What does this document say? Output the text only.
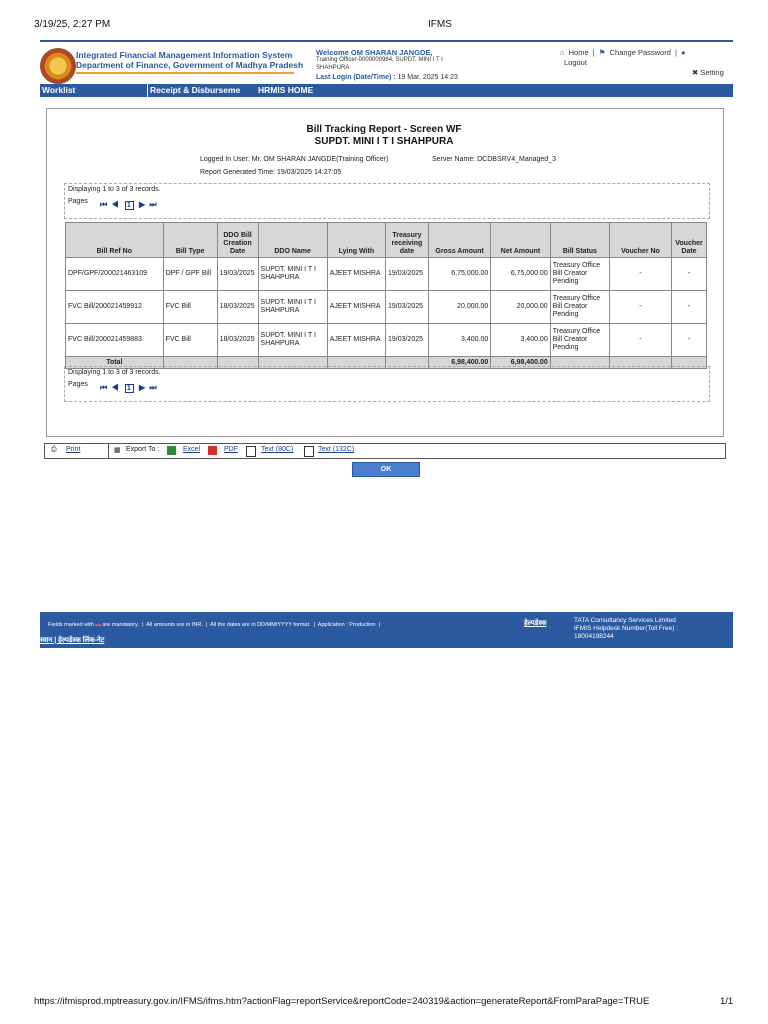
3/19/25, 2:27 PM	IFMS
Integrated Financial Management Information System
Department of Finance, Government of Madhya Pradesh
Welcome OM SHARAN JANGDE,
Training Officer-0000000964, SUPDT. MINI I T I
SHAHPURA
Last Login (Date/Time) : 19 Mar, 2025 14:23
⌂ Home | ⚑ Change Password | ●
Logout
✖ Setting
Worklist	Receipt & Disburseme HRMIS HOME
Bill Tracking Report - Screen WF
SUPDT. MINI I T I SHAHPURA
Logged In User: Mr. OM SHARAN JANGDE(Training Officer)	Server Name: DCDBSRV4_Managed_3
Report Generated Time: 19/03/2025 14:27:05
Displaying 1 to 3 of 3 records.
Pages ⏮ ◀ 1 ▶ ⏭
Bill Ref No	Bill Type	DDO Bill Creation Date	DDO Name	Lying With	Treasury receiving date	Gross Amount	Net Amount	Bill Status	Voucher No	Voucher Date
DPF/GPF/200021463109	DPF / GPF Bill	19/03/2025	SUPDT. MINI I T I SHAHPURA	AJEET MISHRA	19/03/2025	6,75,000.00	6,75,000.00	Treasury Office Bill Creator Pending	-	-
FVC Bill/200021459912	FVC Bill	18/03/2025	SUPDT. MINI I T I SHAHPURA	AJEET MISHRA	19/03/2025	20,000.00	20,000.00	Treasury Office Bill Creator Pending	-	-
FVC Bill/200021459883	FVC Bill	18/03/2025	SUPDT. MINI I T I SHAHPURA	AJEET MISHRA	19/03/2025	3,400.00	3,400.00	Treasury Office Bill Creator Pending	-	-
Total						6,98,400.00	6,98,400.00			
Displaying 1 to 3 of 3 records.
Pages ⏮ ◀ 1 ▶ ⏭
⎙ Print	▦ Export To :	Excel	PDF	Text (80C)	Text (132C)
OK
Fields marked with ▬ are mandatory.  |  All amounts are in INR.  |  All the dates are in DD/MM/YYYY format.  |  Application : Production  |	हेल्पडेस्क
स्वान | हेल्पडेस्क लिंक-नेट
TATA Consultancy Services Limited
IFMIS Helpdesk Number(Toll Free) :
18004198244
https://ifmisprod.mptreasury.gov.in/IFMS/ifms.htm?actionFlag=reportService&reportCode=240319&action=generateReport&FromParaPage=TRUE	1/1
